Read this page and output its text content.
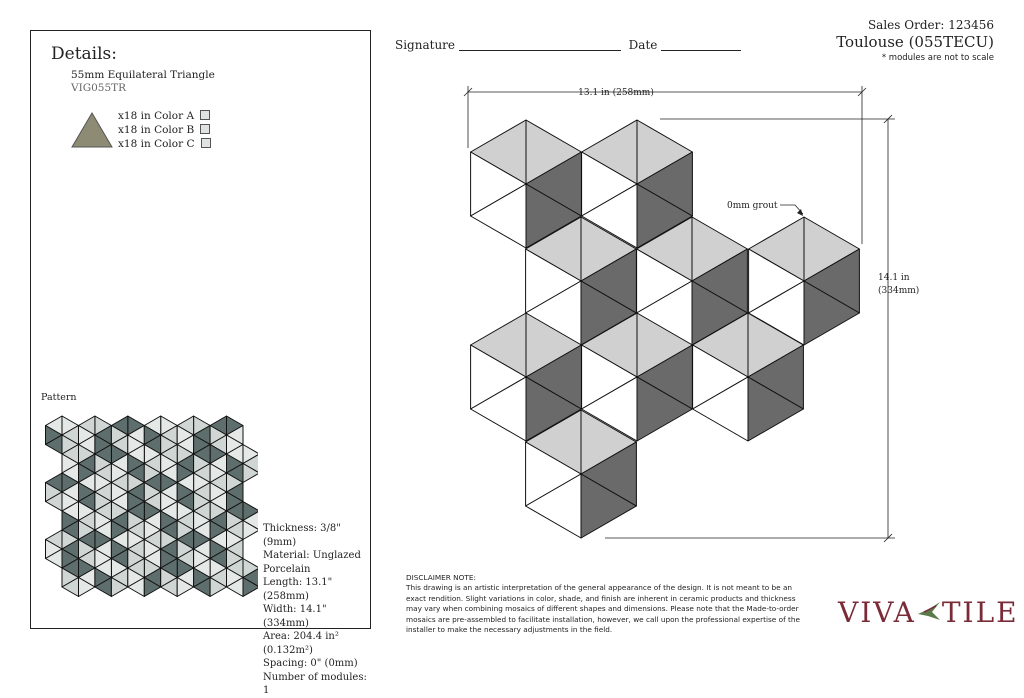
Details:
55mm Equilateral Triangle
VIG055TR
x18 in Color A
x18 in Color B
x18 in Color C
Pattern
Thickness: 3/8" (9mm)
Material: Unglazed Porcelain
Length: 13.1" (258mm)
Width: 14.1" (334mm)
Area: 204.4 in² (0.132m²)
Spacing: 0" (0mm)
Number of modules: 1
Signature	Date
Sales Order: 123456
Toulouse (055TECU)
* modules are not to scale
13.1 in (258mm)
14.1 in
(334mm)
0mm grout
DISCLAIMER NOTE:
This drawing is an artistic interpretation of the general appearance of the design. It is not meant to be an exact rendition. Slight variations in color, shade, and finish are inherent in ceramic products and thickness may vary when combining mosaics of different shapes and dimensions. Please note that the Made-to-order mosaics are pre-assembled to facilitate installation, however, we call upon the professional expertise of the installer to make the necessary adjustments in the field.
VIVA TILE
